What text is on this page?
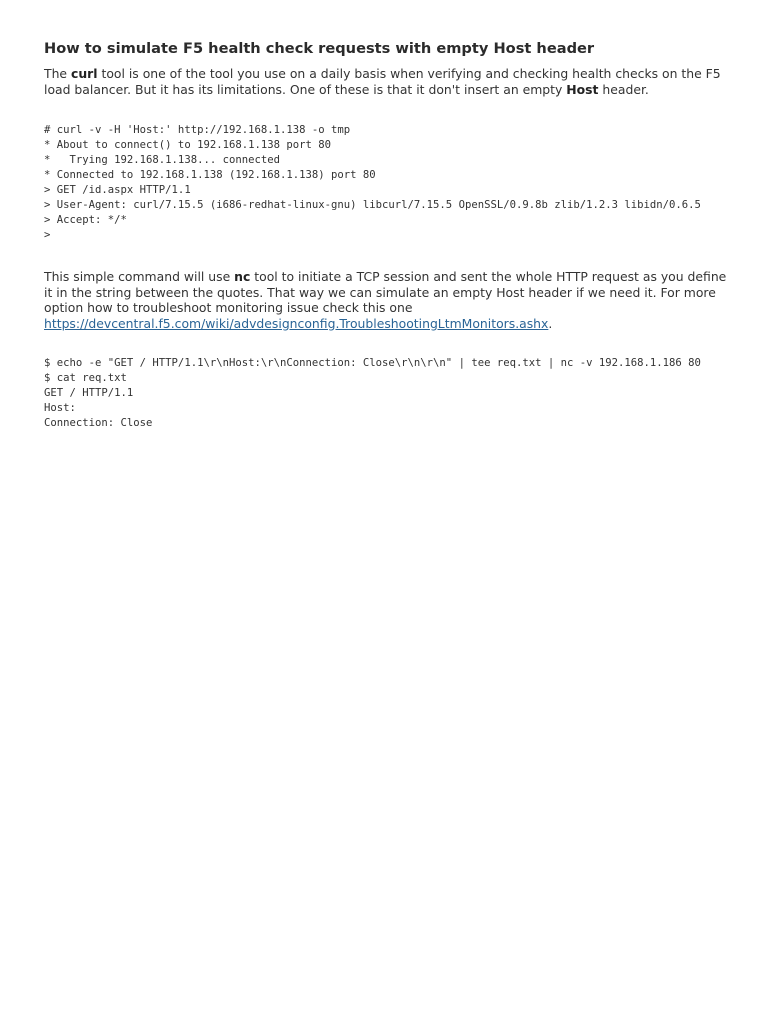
How to simulate F5 health check requests with empty Host header

The curl tool is one of the tool you use on a daily basis when verifying and checking health checks on the F5 load balancer. But it has its limitations. One of these is that it don't insert an empty Host header.

# curl -v -H 'Host:' http://192.168.1.138 -o tmp
* About to connect() to 192.168.1.138 port 80
*   Trying 192.168.1.138... connected
* Connected to 192.168.1.138 (192.168.1.138) port 80
> GET /id.aspx HTTP/1.1
> User-Agent: curl/7.15.5 (i686-redhat-linux-gnu) libcurl/7.15.5 OpenSSL/0.9.8b zlib/1.2.3 libidn/0.6.5
> Accept: */*
>

This simple command will use nc tool to initiate a TCP session and sent the whole HTTP request as you define it in the string between the quotes. That way we can simulate an empty Host header if we need it. For more option how to troubleshoot monitoring issue check this one https://devcentral.f5.com/wiki/advdesignconfig.TroubleshootingLtmMonitors.ashx.

$ echo -e "GET / HTTP/1.1\r\nHost:\r\nConnection: Close\r\n\r\n" | tee req.txt | nc -v 192.168.1.186 80
$ cat req.txt
GET / HTTP/1.1
Host:
Connection: Close
